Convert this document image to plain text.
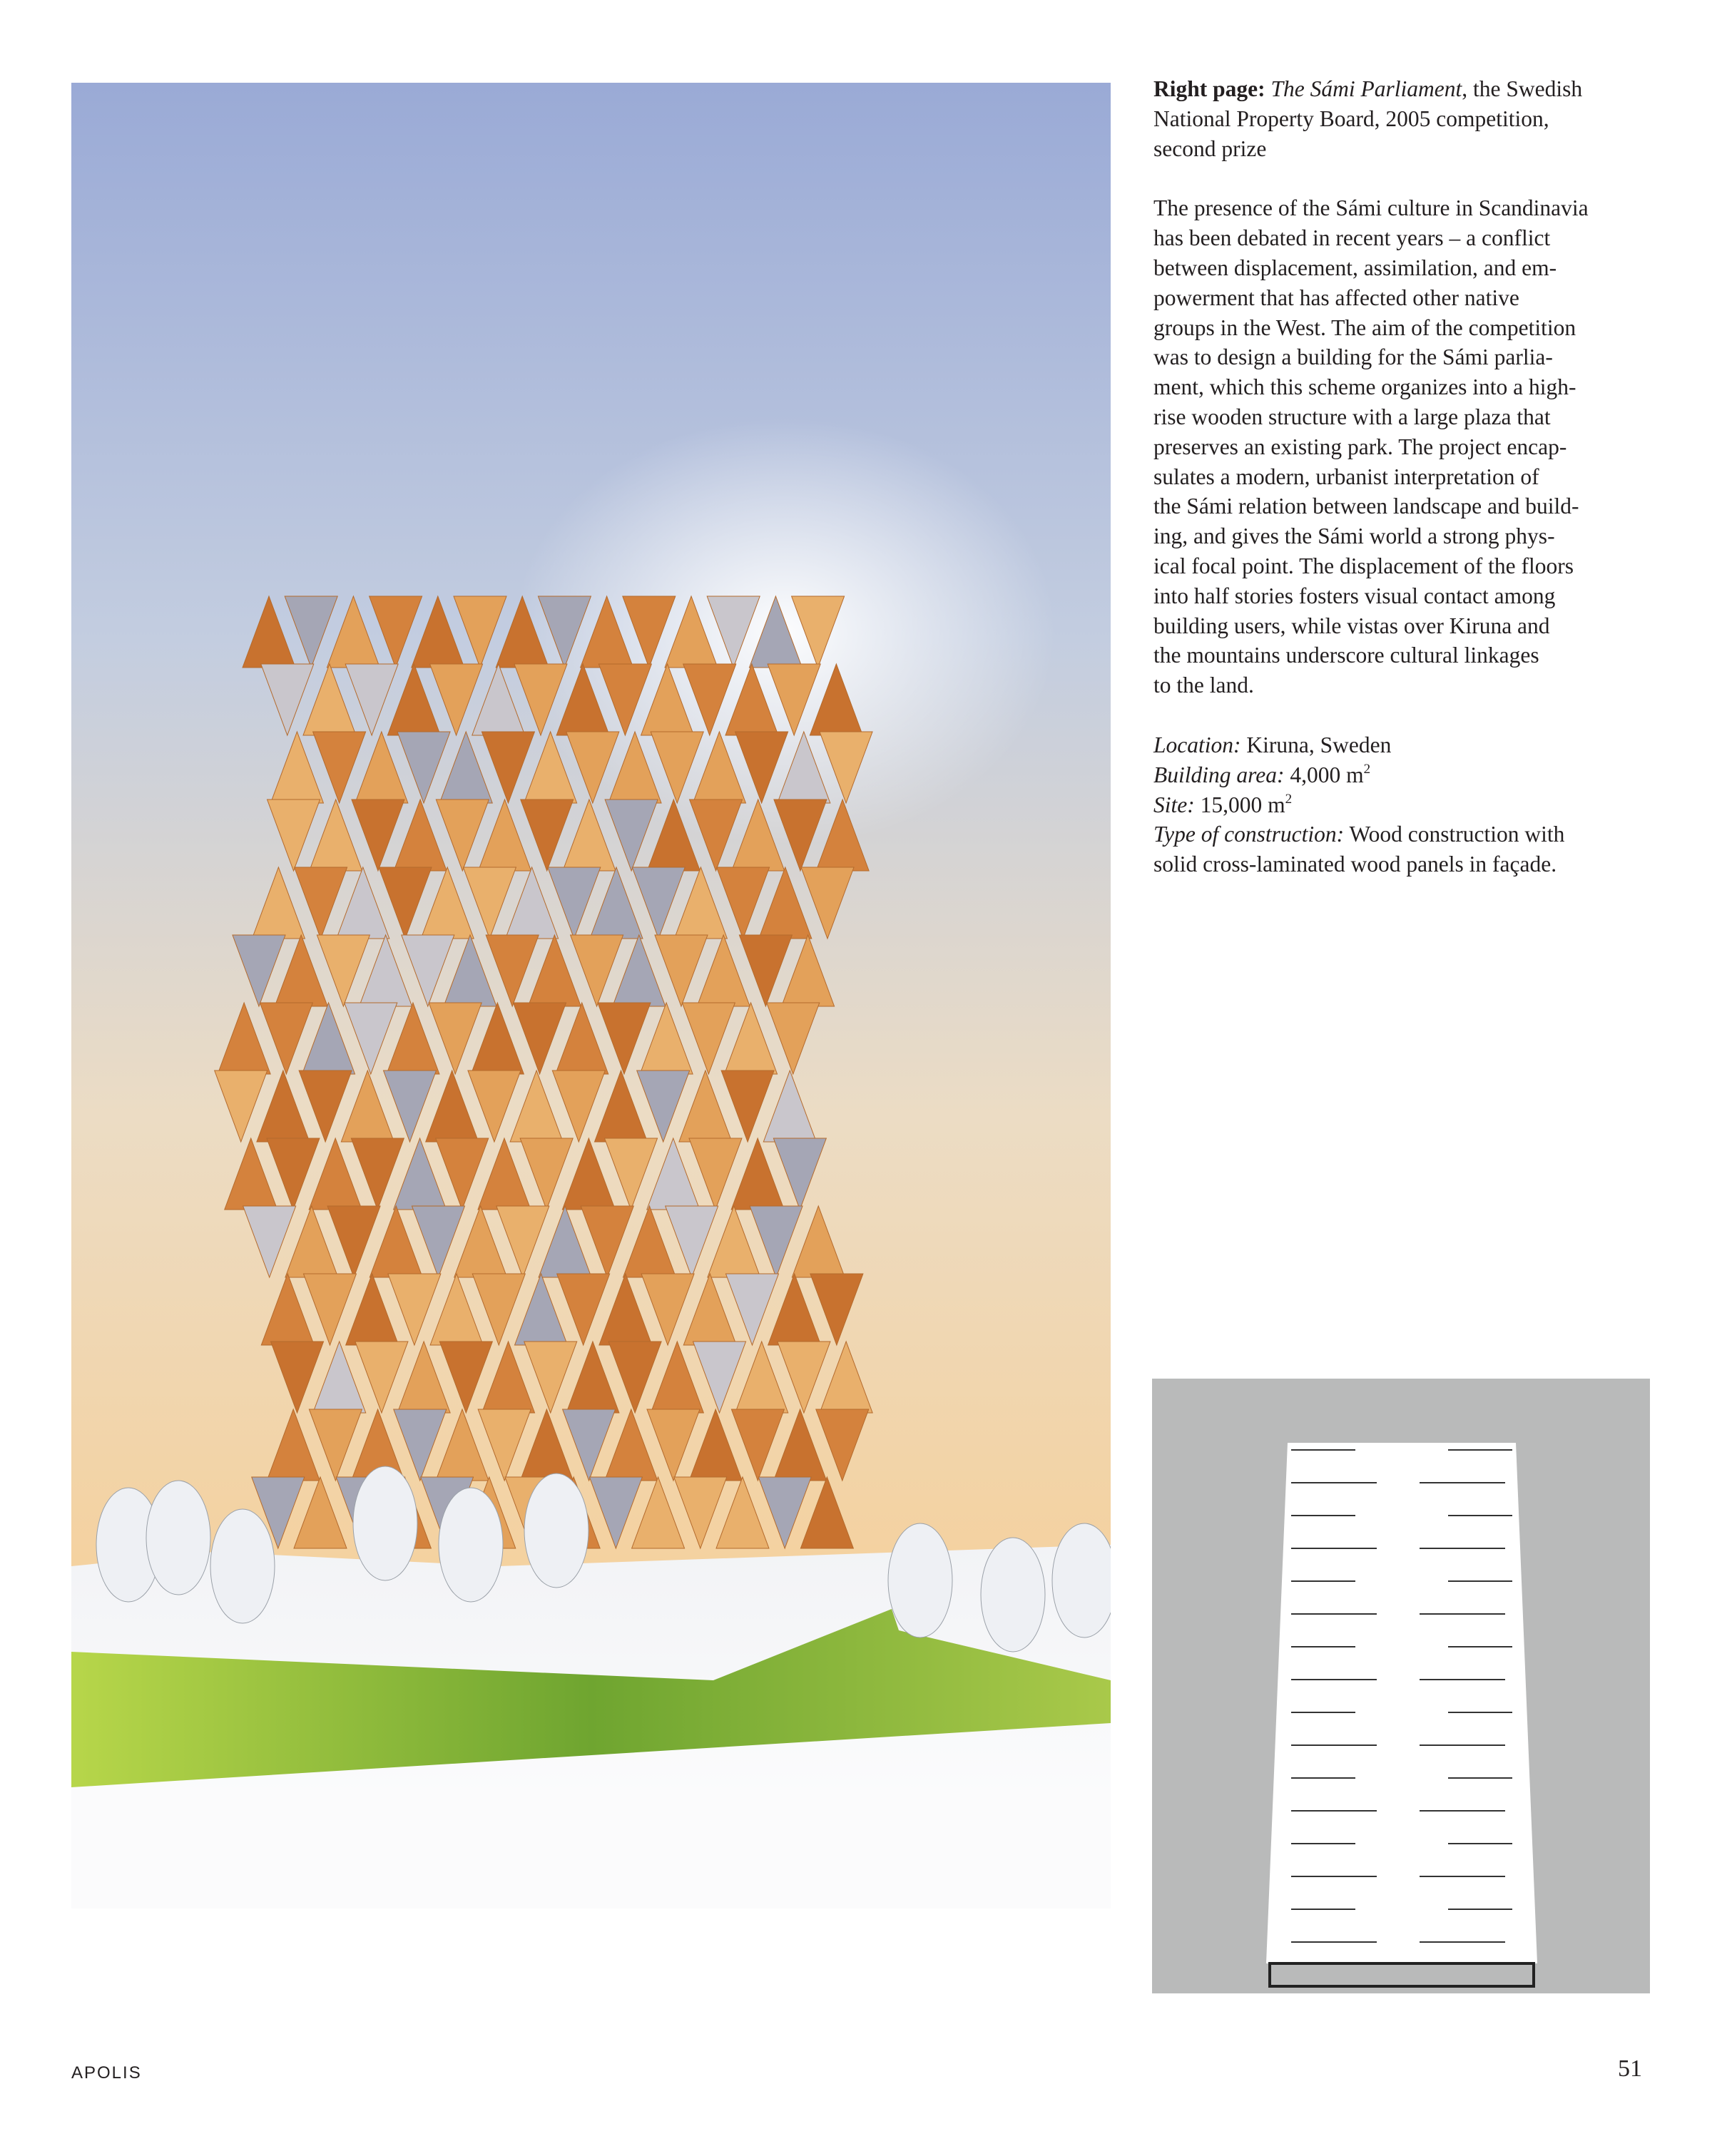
Right page: The Sámi Parliament, the Swedish
National Property Board, 2005 competition,
second prize
The presence of the Sámi culture in Scandinavia
has been debated in recent years – a conflict
between displacement, assimilation, and em-
powerment that has affected other native
groups in the West. The aim of the competition
was to design a building for the Sámi parlia-
ment, which this scheme organizes into a high-
rise wooden structure with a large plaza that
preserves an existing park. The project encap-
sulates a modern, urbanist interpretation of
the Sámi relation between landscape and build-
ing, and gives the Sámi world a strong phys-
ical focal point. The displacement of the floors
into half stories fosters visual contact among
building users, while vistas over Kiruna and
the mountains underscore cultural linkages
to the land.
Location: Kiruna, Sweden
Building area: 4,000 $m^2$
Site: 15,000 $m^2$
Type of construction: Wood construction with
solid cross-laminated wood panels in façade.
APOLIS	51
